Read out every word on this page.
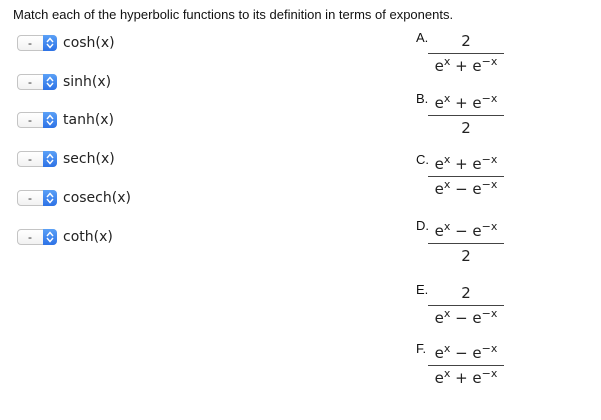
Match each of the hyperbolic functions to its definition in terms of exponents.
-	cosh(x)
-	sinh(x)
-	tanh(x)
-	sech(x)
-	cosech(x)
-	coth(x)
A.	2
$e^x + e^{-x}$
B. $e^x + e^{-x}$
2
C. $e^x + e^{-x}$
$e^x - e^{-x}$
D. $e^x - e^{-x}$
2
E.	2
$e^x - e^{-x}$
F. $e^x - e^{-x}$
$e^x + e^{-x}$
